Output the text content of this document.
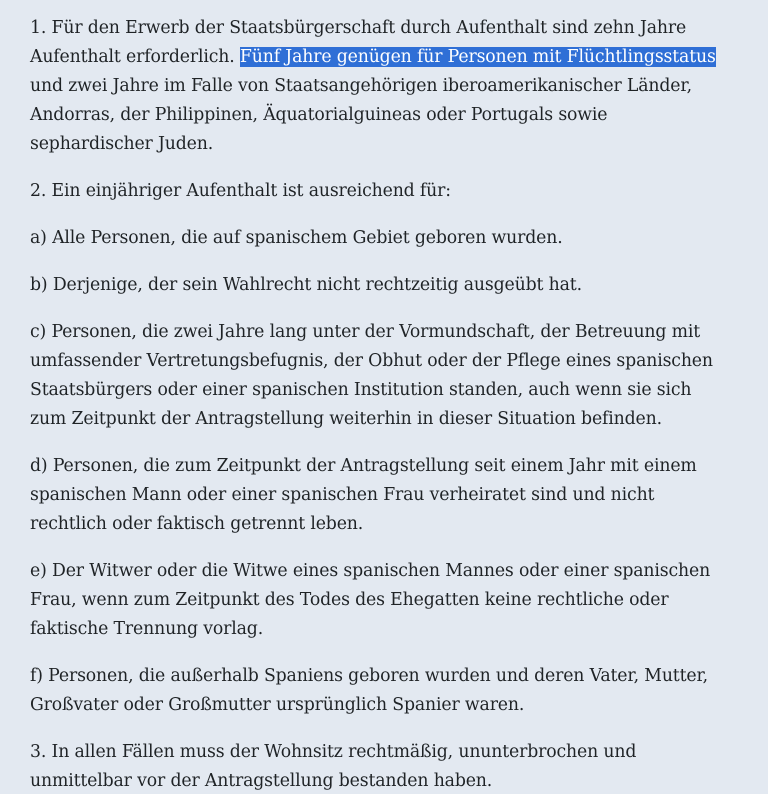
1. Für den Erwerb der Staatsbürgerschaft durch Aufenthalt sind zehn Jahre Aufenthalt erforderlich. Fünf Jahre genügen für Personen mit Flüchtlingsstatus und zwei Jahre im Falle von Staatsangehörigen iberoamerikanischer Länder, Andorras, der Philippinen, Äquatorialguineas oder Portugals sowie sephardischer Juden.

2. Ein einjähriger Aufenthalt ist ausreichend für:

a) Alle Personen, die auf spanischem Gebiet geboren wurden.

b) Derjenige, der sein Wahlrecht nicht rechtzeitig ausgeübt hat.

c) Personen, die zwei Jahre lang unter der Vormundschaft, der Betreuung mit umfassender Vertretungsbefugnis, der Obhut oder der Pflege eines spanischen Staatsbürgers oder einer spanischen Institution standen, auch wenn sie sich zum Zeitpunkt der Antragstellung weiterhin in dieser Situation befinden.

d) Personen, die zum Zeitpunkt der Antragstellung seit einem Jahr mit einem spanischen Mann oder einer spanischen Frau verheiratet sind und nicht rechtlich oder faktisch getrennt leben.

e) Der Witwer oder die Witwe eines spanischen Mannes oder einer spanischen Frau, wenn zum Zeitpunkt des Todes des Ehegatten keine rechtliche oder faktische Trennung vorlag.

f) Personen, die außerhalb Spaniens geboren wurden und deren Vater, Mutter, Großvater oder Großmutter ursprünglich Spanier waren.

3. In allen Fällen muss der Wohnsitz rechtmäßig, ununterbrochen und unmittelbar vor der Antragstellung bestanden haben.
